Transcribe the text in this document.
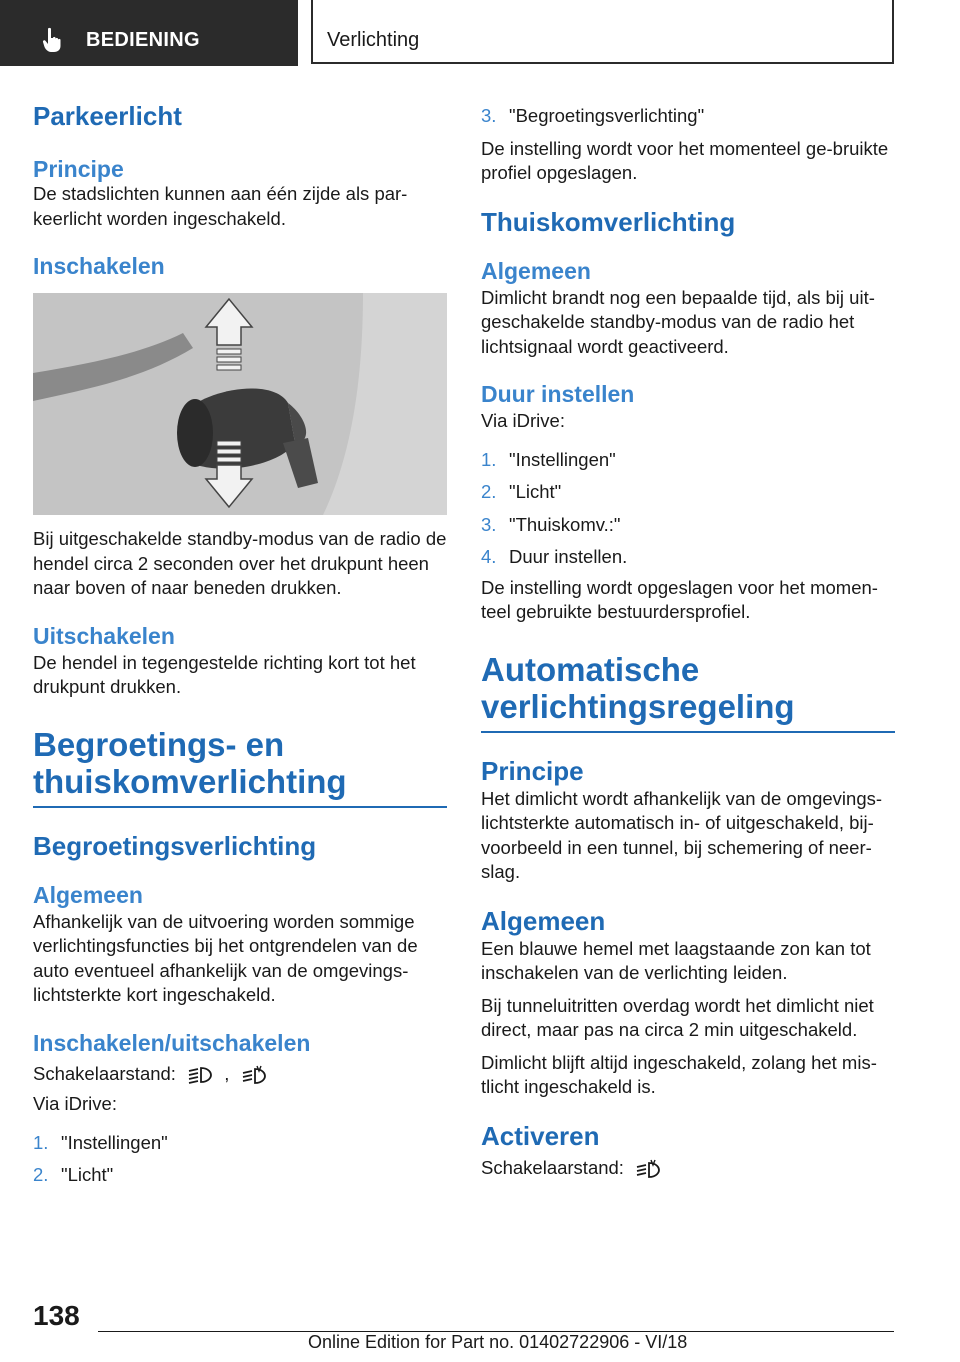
BEDIENING	Verlichting
Parkeerlicht
Principe

De stadslichten kunnen aan één zijde als par-keerlicht worden ingeschakeld.

Inschakelen

Bij uitgeschakelde standby-modus van de radio de hendel circa 2 seconden over het drukpunt heen naar boven of naar beneden drukken.

Uitschakelen

De hendel in tegengestelde richting kort tot het drukpunt drukken.

Begroetings- en thuiskomverlichting
Begroetingsverlichting
Algemeen

Afhankelijk van de uitvoering worden sommige verlichtingsfuncties bij het ontgrendelen van de auto eventueel afhankelijk van de omgevings-lichtsterkte kort ingeschakeld.

Inschakelen/uitschakelen

Schakelaarstand:	,

Via iDrive:

1. "Instellingen"
2. "Licht"
3. "Begroetingsverlichting"

De instelling wordt voor het momenteel ge-bruikte profiel opgeslagen.

Thuiskomverlichting
Algemeen

Dimlicht brandt nog een bepaalde tijd, als bij uit-geschakelde standby-modus van de radio het lichtsignaal wordt geactiveerd.

Duur instellen

Via iDrive:

1. "Instellingen"
2. "Licht"
3. "Thuiskomv.:"
4. Duur instellen.

De instelling wordt opgeslagen voor het momen-teel gebruikte bestuurdersprofiel.

Automatische verlichtingsregeling
Principe

Het dimlicht wordt afhankelijk van de omgevings-lichtsterkte automatisch in- of uitgeschakeld, bij-voorbeeld in een tunnel, bij schemering of neer-slag.

Algemeen

Een blauwe hemel met laagstaande zon kan tot inschakelen van de verlichting leiden.

Bij tunneluitritten overdag wordt het dimlicht niet direct, maar pas na circa 2 min uitgeschakeld.

Dimlicht blijft altijd ingeschakeld, zolang het mis-tlicht ingeschakeld is.

Activeren

Schakelaarstand:

138
Online Edition for Part no. 01402722906 - VI/18
